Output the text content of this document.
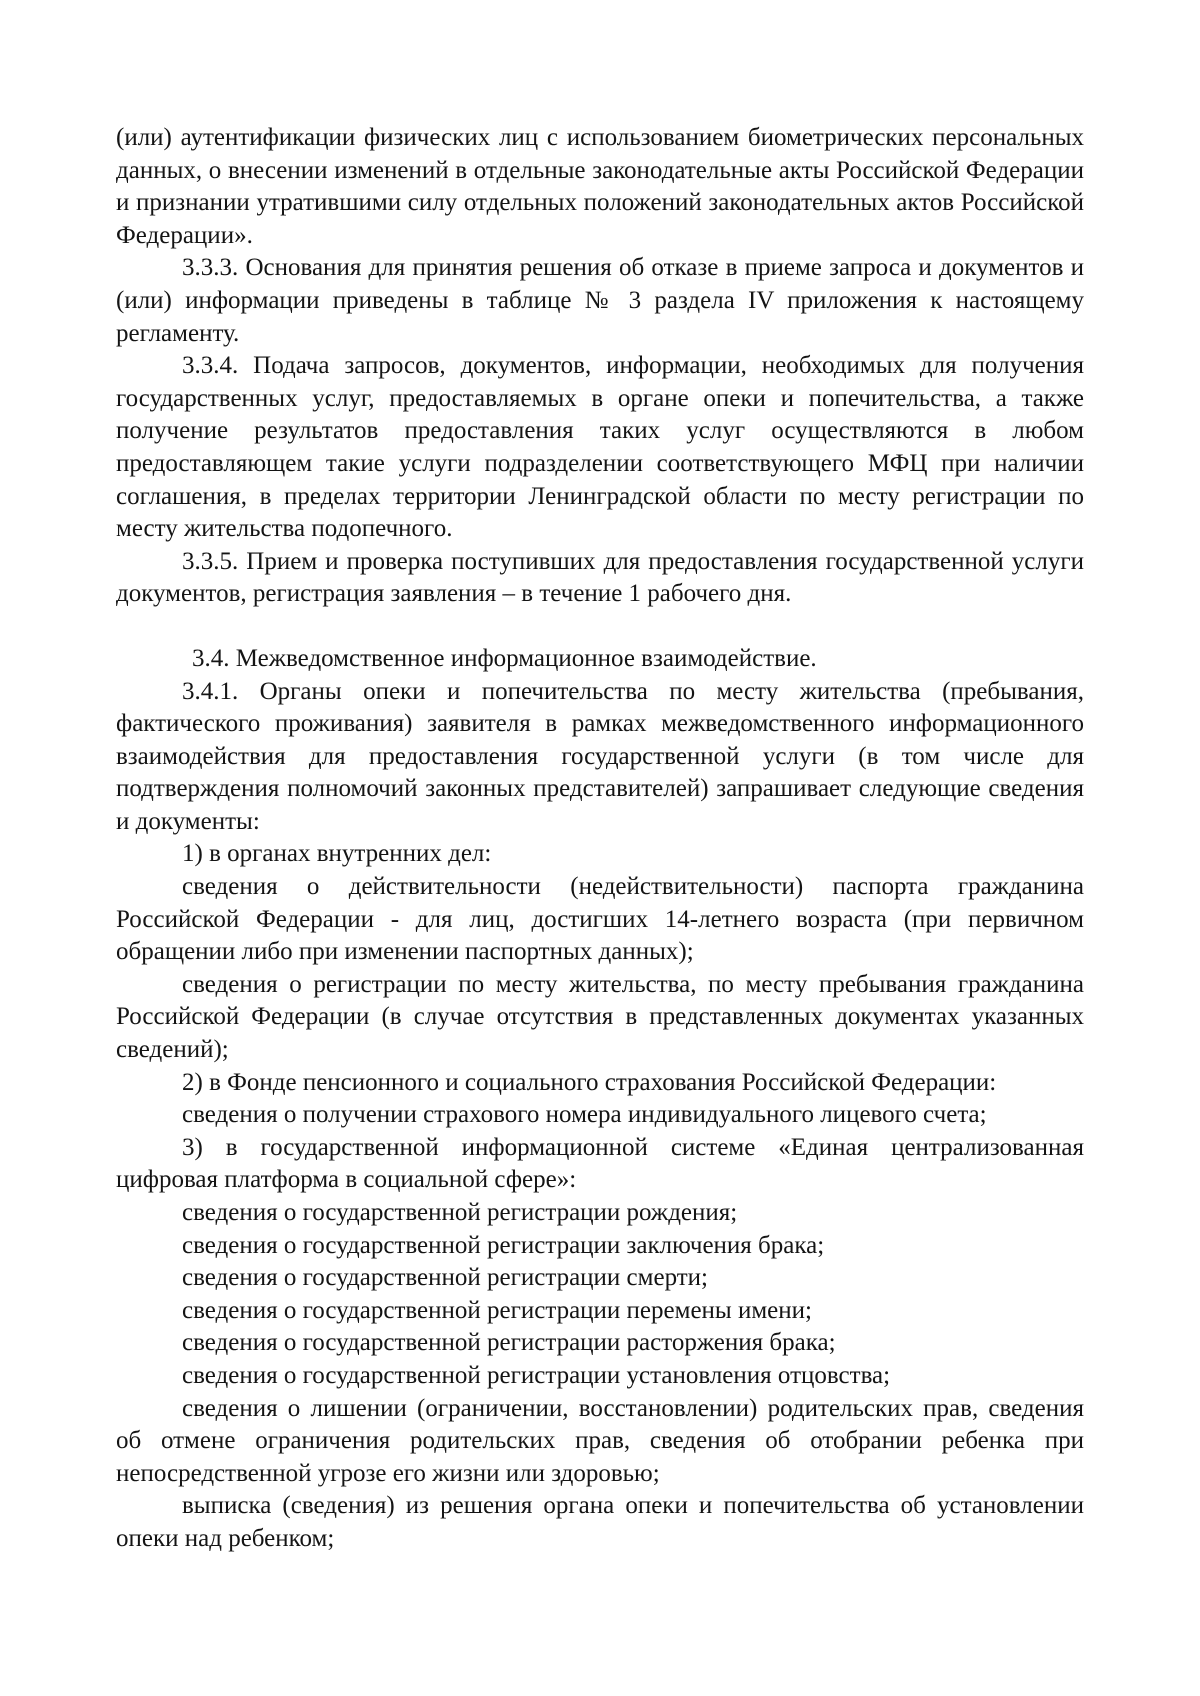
(или) аутентификации физических лиц с использованием биометрических персональных данных, о внесении изменений в отдельные законодательные акты Российской Федерации и признании утратившими силу отдельных положений законодательных актов Российской Федерации».

3.3.3. Основания для принятия решения об отказе в приеме запроса и документов и (или) информации приведены в таблице № 3 раздела IV приложения к настоящему регламенту.

3.3.4. Подача запросов, документов, информации, необходимых для получения государственных услуг, предоставляемых в органе опеки и попечительства, а также получение результатов предоставления таких услуг осуществляются в любом предоставляющем такие услуги подразделении соответствующего МФЦ при наличии соглашения, в пределах территории Ленинградской области по месту регистрации по месту жительства подопечного.

3.3.5. Прием и проверка поступивших для предоставления государственной услуги документов, регистрация заявления – в течение 1 рабочего дня.

3.4. Межведомственное информационное взаимодействие.

3.4.1. Органы опеки и попечительства по месту жительства (пребывания, фактического проживания) заявителя в рамках межведомственного информационного взаимодействия для предоставления государственной услуги (в том числе для подтверждения полномочий законных представителей) запрашивает следующие сведения и документы:

1) в органах внутренних дел:

сведения о действительности (недействительности) паспорта гражданина Российской Федерации - для лиц, достигших 14-летнего возраста (при первичном обращении либо при изменении паспортных данных);

сведения о регистрации по месту жительства, по месту пребывания гражданина Российской Федерации (в случае отсутствия в представленных документах указанных сведений);

2) в Фонде пенсионного и социального страхования Российской Федерации:

сведения о получении страхового номера индивидуального лицевого счета;

3) в государственной информационной системе «Единая централизованная цифровая платформа в социальной сфере»:

сведения о государственной регистрации рождения;

сведения о государственной регистрации заключения брака;

сведения о государственной регистрации смерти;

сведения о государственной регистрации перемены имени;

сведения о государственной регистрации расторжения брака;

сведения о государственной регистрации установления отцовства;

сведения о лишении (ограничении, восстановлении) родительских прав, сведения об отмене ограничения родительских прав, сведения об отобрании ребенка при непосредственной угрозе его жизни или здоровью;

выписка (сведения) из решения органа опеки и попечительства об установлении опеки над ребенком;
